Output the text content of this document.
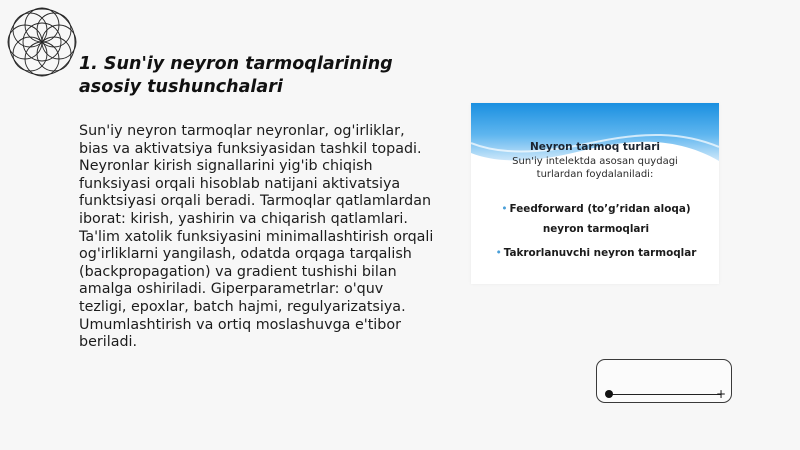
1. Sun'iy neyron tarmoqlarining asosiy tushunchalari

Sun'iy neyron tarmoqlar neyronlar, og'irliklar, bias va aktivatsiya funksiyasidan tashkil topadi. Neyronlar kirish signallarini yig'ib chiqish funksiyasi orqali hisoblab natijani aktivatsiya funktsiyasi orqali beradi. Tarmoqlar qatlamlardan iborat: kirish, yashirin va chiqarish qatlamlari. Ta'lim xatolik funksiyasini minimallashtirish orqali og'irliklarni yangilash, odatda orqaga tarqalish (backpropagation) va gradient tushishi bilan amalga oshiriladi. Giperparametrlar: o'quv tezligi, epoxlar, batch hajmi, regulyarizatsiya. Umumlashtirish va ortiq moslashuvga e'tibor beriladi.

Neyron tarmoq turlari
Sun'iy intelektda asosan quydagi turlardan foydalaniladi:
• Feedforward (to’g’ridan aloqa) neyron tarmoqlari
• Takrorlanuvchi neyron tarmoqlar
+
